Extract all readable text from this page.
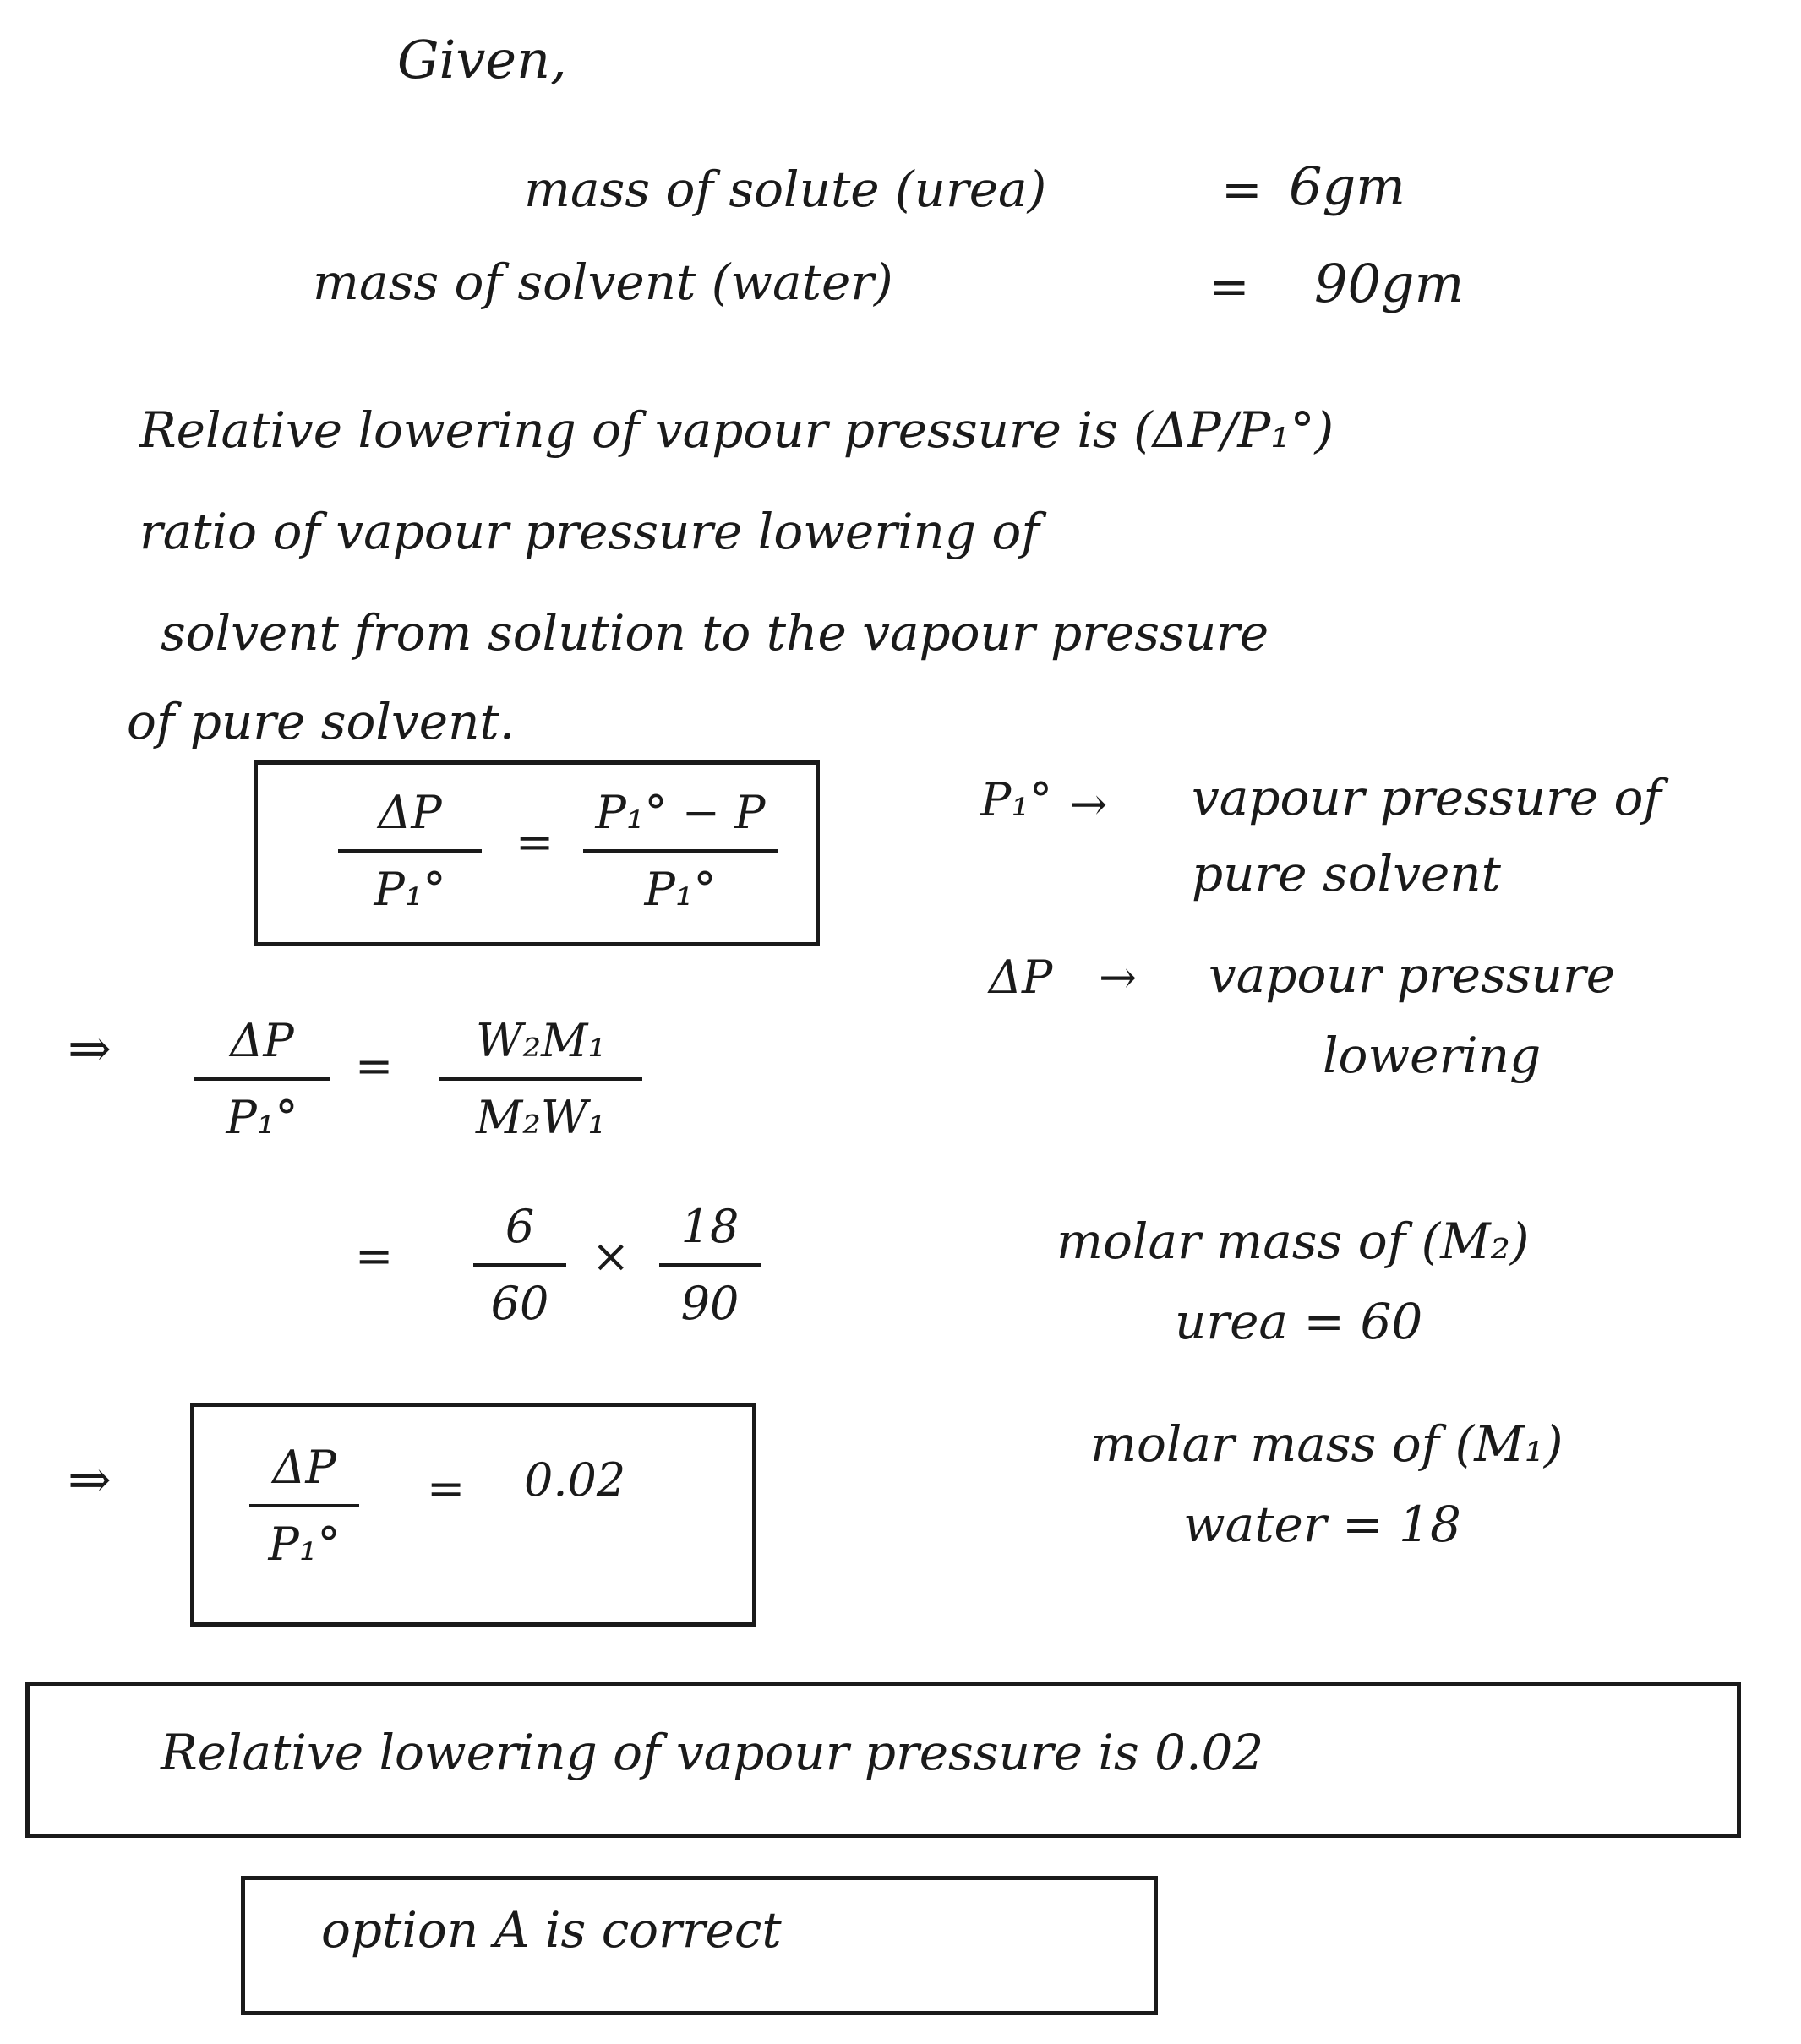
Given,
mass of solute (urea)	= 6gm
mass of solvent (water)	= 90gm
Relative lowering of vapour pressure is (ΔP/P₁°)
ratio of vapour pressure lowering of
solvent from solution to the vapour pressure
of pure solvent.
ΔP
P₁°
=
P₁° − P
P₁°
P₁° → vapour pressure of
pure solvent
ΔP → vapour pressure
lowering
⇒	ΔP
P₁°
=	W₂M₁
M₂W₁
=
6
60
×
18
90
molar mass of (M₂)
urea = 60
molar mass of (M₁)
water = 18
⇒	ΔP
P₁°
= 0.02
Relative lowering of vapour pressure is 0.02
option A is correct
